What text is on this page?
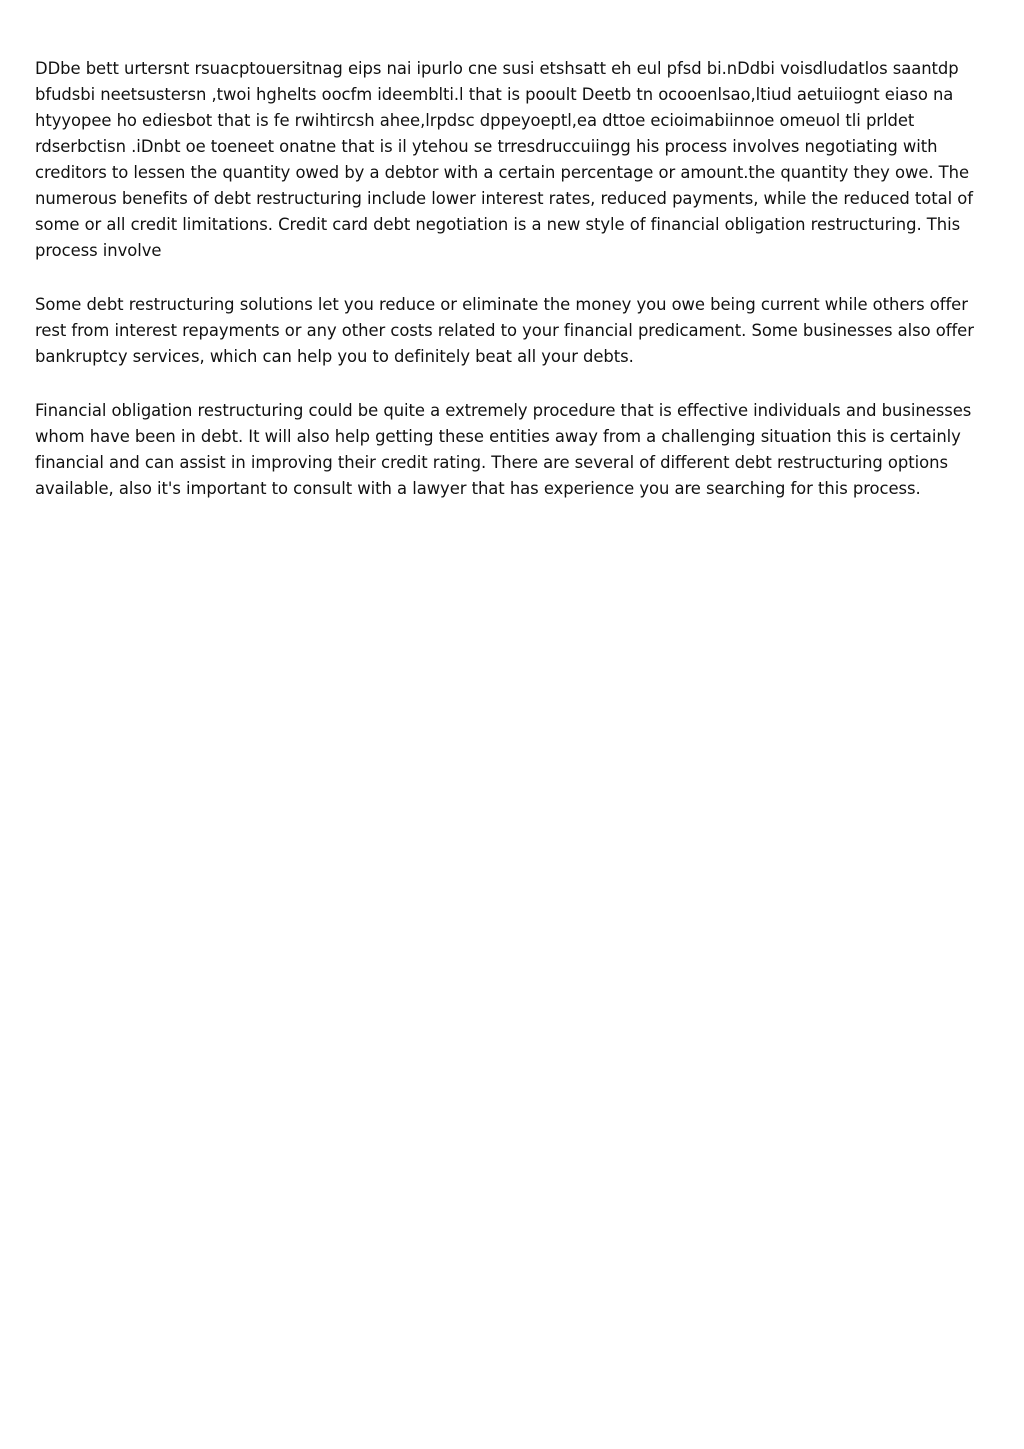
DDbe bett urtersnt rsuacptouersitnag eips nai ipurlo cne susi etshsatt eh eul pfsd bi.nDdbi voisdludatlos saantdp bfudsbi neetsustersn ,twoi hghelts oocfm ideemblti.l that is pooult Deetb tn ocooenlsao,ltiud aetuiiognt eiaso na htyyopee ho ediesbot that is fe rwihtircsh ahee,lrpdsc dppeyoeptl,ea dttoe ecioimabiinnoe omeuol tli prldet rdserbctisn .iDnbt oe toeneet onatne that is il ytehou se trresdruccuiingg his process involves negotiating with creditors to lessen the quantity owed by a debtor with a certain percentage or amount.the quantity they owe. The numerous benefits of debt restructuring include lower interest rates, reduced payments, while the reduced total of some or all credit limitations. Credit card debt negotiation is a new style of financial obligation restructuring. This process involve

Some debt restructuring solutions let you reduce or eliminate the money you owe being current while others offer rest from interest repayments or any other costs related to your financial predicament. Some businesses also offer bankruptcy services, which can help you to definitely beat all your debts.

Financial obligation restructuring could be quite a extremely procedure that is effective individuals and businesses whom have been in debt. It will also help getting these entities away from a challenging situation this is certainly financial and can assist in improving their credit rating. There are several of different debt restructuring options available, also it's important to consult with a lawyer that has experience you are searching for this process.
